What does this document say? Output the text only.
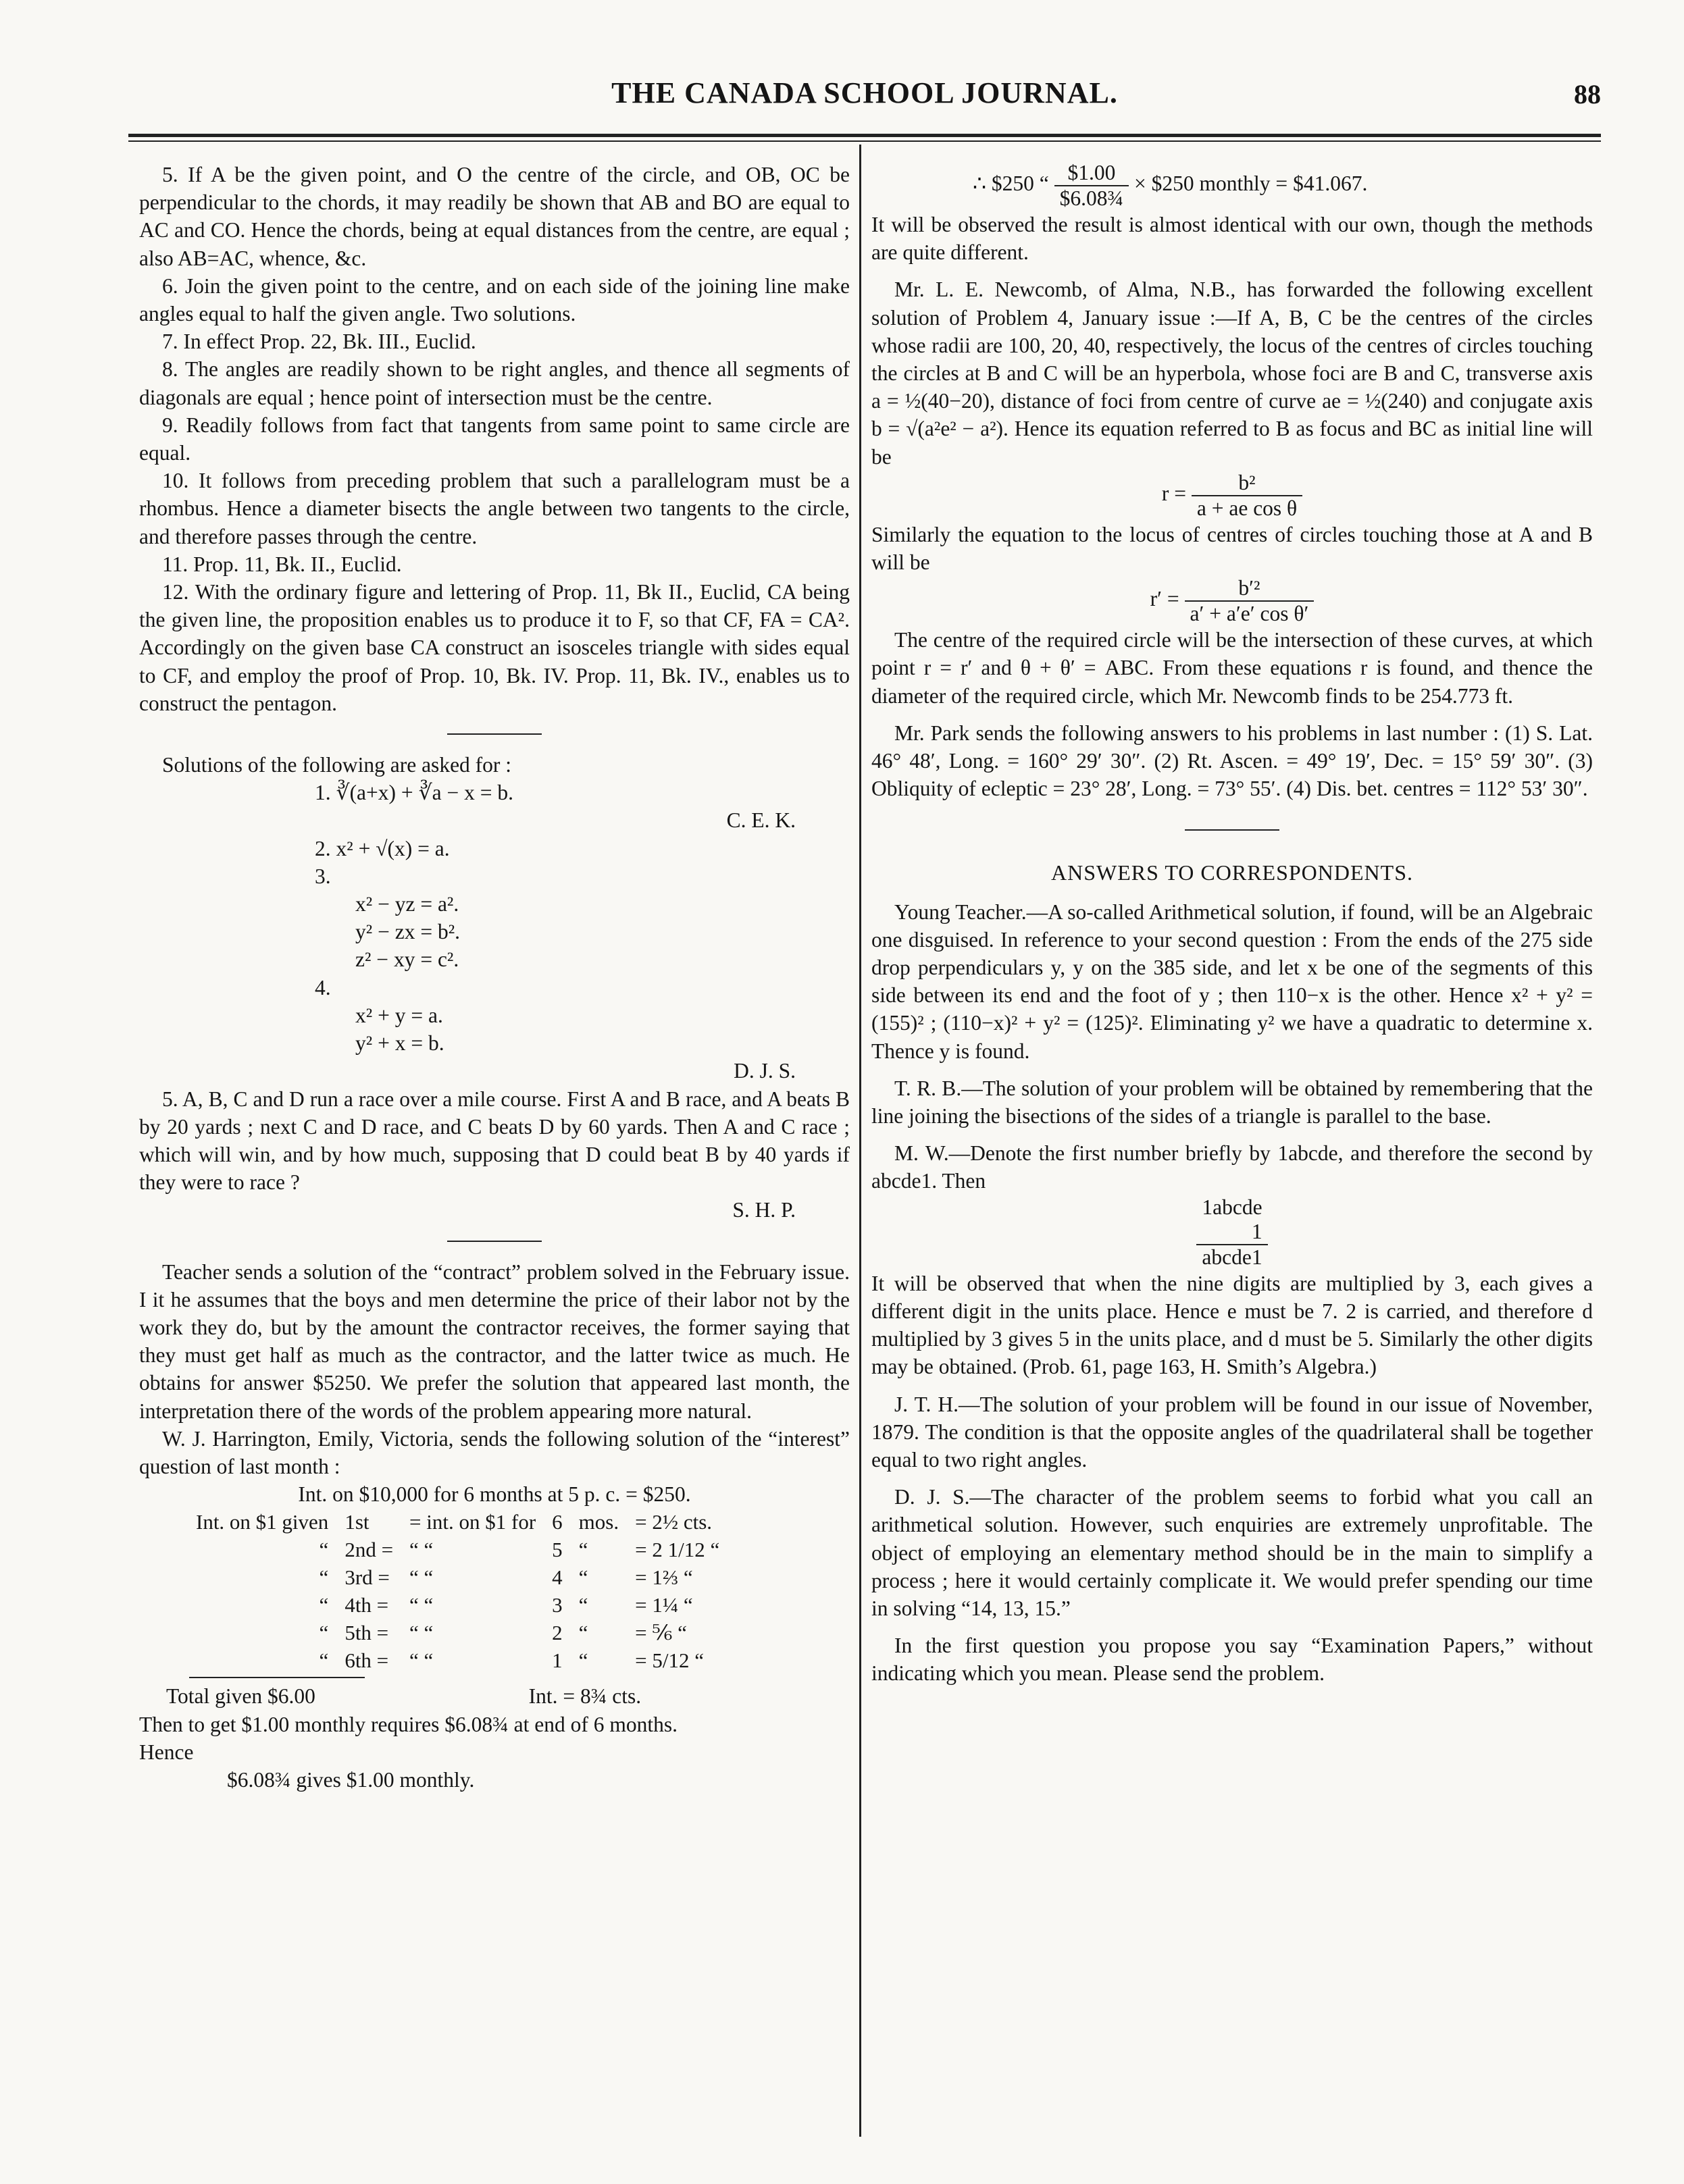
THE CANADA SCHOOL JOURNAL.	88

5. If A be the given point, and O the centre of the circle, and OB, OC be perpendicular to the chords, it may readily be shown that AB and BO are equal to AC and CO. Hence the chords, being at equal distances from the centre, are equal ; also AB=AC, whence, &c.

6. Join the given point to the centre, and on each side of the joining line make angles equal to half the given angle. Two solutions.

7. In effect Prop. 22, Bk. III., Euclid.

8. The angles are readily shown to be right angles, and thence all segments of diagonals are equal ; hence point of intersection must be the centre.

9. Readily follows from fact that tangents from same point to same circle are equal.

10. It follows from preceding problem that such a parallelogram must be a rhombus. Hence a diameter bisects the angle between two tangents to the circle, and therefore passes through the centre.

11. Prop. 11, Bk. II., Euclid.

12. With the ordinary figure and lettering of Prop. 11, Bk II., Euclid, CA being the given line, the proposition enables us to produce it to F, so that CF, FA = CA². Accordingly on the given base CA construct an isosceles triangle with sides equal to CF, and employ the proof of Prop. 10, Bk. IV. Prop. 11, Bk. IV., enables us to construct the pentagon.

Solutions of the following are asked for :

1. ∛(a+x) + ∛a − x = b.

C. E. K.

2. x² + √(x) = a.

3.

x² − yz = a².

y² − zx = b².

z² − xy = c².

4.

x² + y = a.

y² + x = b.

D. J. S.

5. A, B, C and D run a race over a mile course. First A and B race, and A beats B by 20 yards ; next C and D race, and C beats D by 60 yards. Then A and C race ; which will win, and by how much, supposing that D could beat B by 40 yards if they were to race ?

S. H. P.

Teacher sends a solution of the “contract” problem solved in the February issue. I it he assumes that the boys and men determine the price of their labor not by the work they do, but by the amount the contractor receives, the former saying that they must get half as much as the contractor, and the latter twice as much. He obtains for answer $5250. We prefer the solution that appeared last month, the interpretation there of the words of the problem appearing more natural.

W. J. Harrington, Emily, Victoria, sends the following solution of the “interest” question of last month :

Int. on $10,000 for 6 months at 5 p. c. = $250.

Int. on $1 given	1st	= int. on $1 for	6	mos.	= 2½ cts.
“	2nd =	“ “	5	“	= 2 1/12 “
“	3rd =	“ “	4	“	= 1⅔ “
“	4th =	“ “	3	“	= 1¼ “
“	5th =	“ “	2	“	= ⅚ “
“	6th =	“ “	1	“	= 5/12 “

Total given $6.00	Int. = 8¾ cts.

Then to get $1.00 monthly requires $6.08¾ at end of 6 months.

Hence

$6.08¾ gives $1.00 monthly.

∴ $250 “ $\frac{\$1.00}{\text{\$6.08¾}}$ × $250 monthly = $41.067.

It will be observed the result is almost identical with our own, though the methods are quite different.

Mr. L. E. Newcomb, of Alma, N.B., has forwarded the following excellent solution of Problem 4, January issue :—If A, B, C be the centres of the circles whose radii are 100, 20, 40, respectively, the locus of the centres of circles touching the circles at B and C will be an hyperbola, whose foci are B and C, transverse axis a = ½(40−20), distance of foci from centre of curve ae = ½(240) and conjugate axis b = √(a²e² − a²). Hence its equation referred to B as focus and BC as initial line will be

$r = \frac{\text{b²}}{\text{a + ae cos θ}}$

Similarly the equation to the locus of centres of circles touching those at A and B will be

$r' = \frac{\text{b′²}}{\text{a′ + a′e′ cos θ′}}$

The centre of the required circle will be the intersection of these curves, at which point r = r′ and θ + θ′ = ABC. From these equations r is found, and thence the diameter of the required circle, which Mr. Newcomb finds to be 254.773 ft.

Mr. Park sends the following answers to his problems in last number : (1) S. Lat. 46° 48′, Long. = 160° 29′ 30″. (2) Rt. Ascen. = 49° 19′, Dec. = 15° 59′ 30″. (3) Obliquity of ecleptic = 23° 28′, Long. = 73° 55′. (4) Dis. bet. centres = 112° 53′ 30″.

ANSWERS TO CORRESPONDENTS.

Young Teacher.—A so-called Arithmetical solution, if found, will be an Algebraic one disguised. In reference to your second question : From the ends of the 275 side drop perpendiculars y, y on the 385 side, and let x be one of the segments of this side between its end and the foot of y ; then 110−x is the other. Hence x² + y² = (155)² ; (110−x)² + y² = (125)². Eliminating y² we have a quadratic to determine x. Thence y is found.

T. R. B.—The solution of your problem will be obtained by remembering that the line joining the bisections of the sides of a triangle is parallel to the base.

M. W.—Denote the first number briefly by 1abcde, and therefore the second by abcde1. Then

1abcde
1
abcde1

It will be observed that when the nine digits are multiplied by 3, each gives a different digit in the units place. Hence e must be 7. 2 is carried, and therefore d multiplied by 3 gives 5 in the units place, and d must be 5. Similarly the other digits may be obtained. (Prob. 61, page 163, H. Smith’s Algebra.)

J. T. H.—The solution of your problem will be found in our issue of November, 1879. The condition is that the opposite angles of the quadrilateral shall be together equal to two right angles.

D. J. S.—The character of the problem seems to forbid what you call an arithmetical solution. However, such enquiries are extremely unprofitable. The object of employing an elementary method should be in the main to simplify a process ; here it would certainly complicate it. We would prefer spending our time in solving “14, 13, 15.”

In the first question you propose you say “Examination Papers,” without indicating which you mean. Please send the problem.
